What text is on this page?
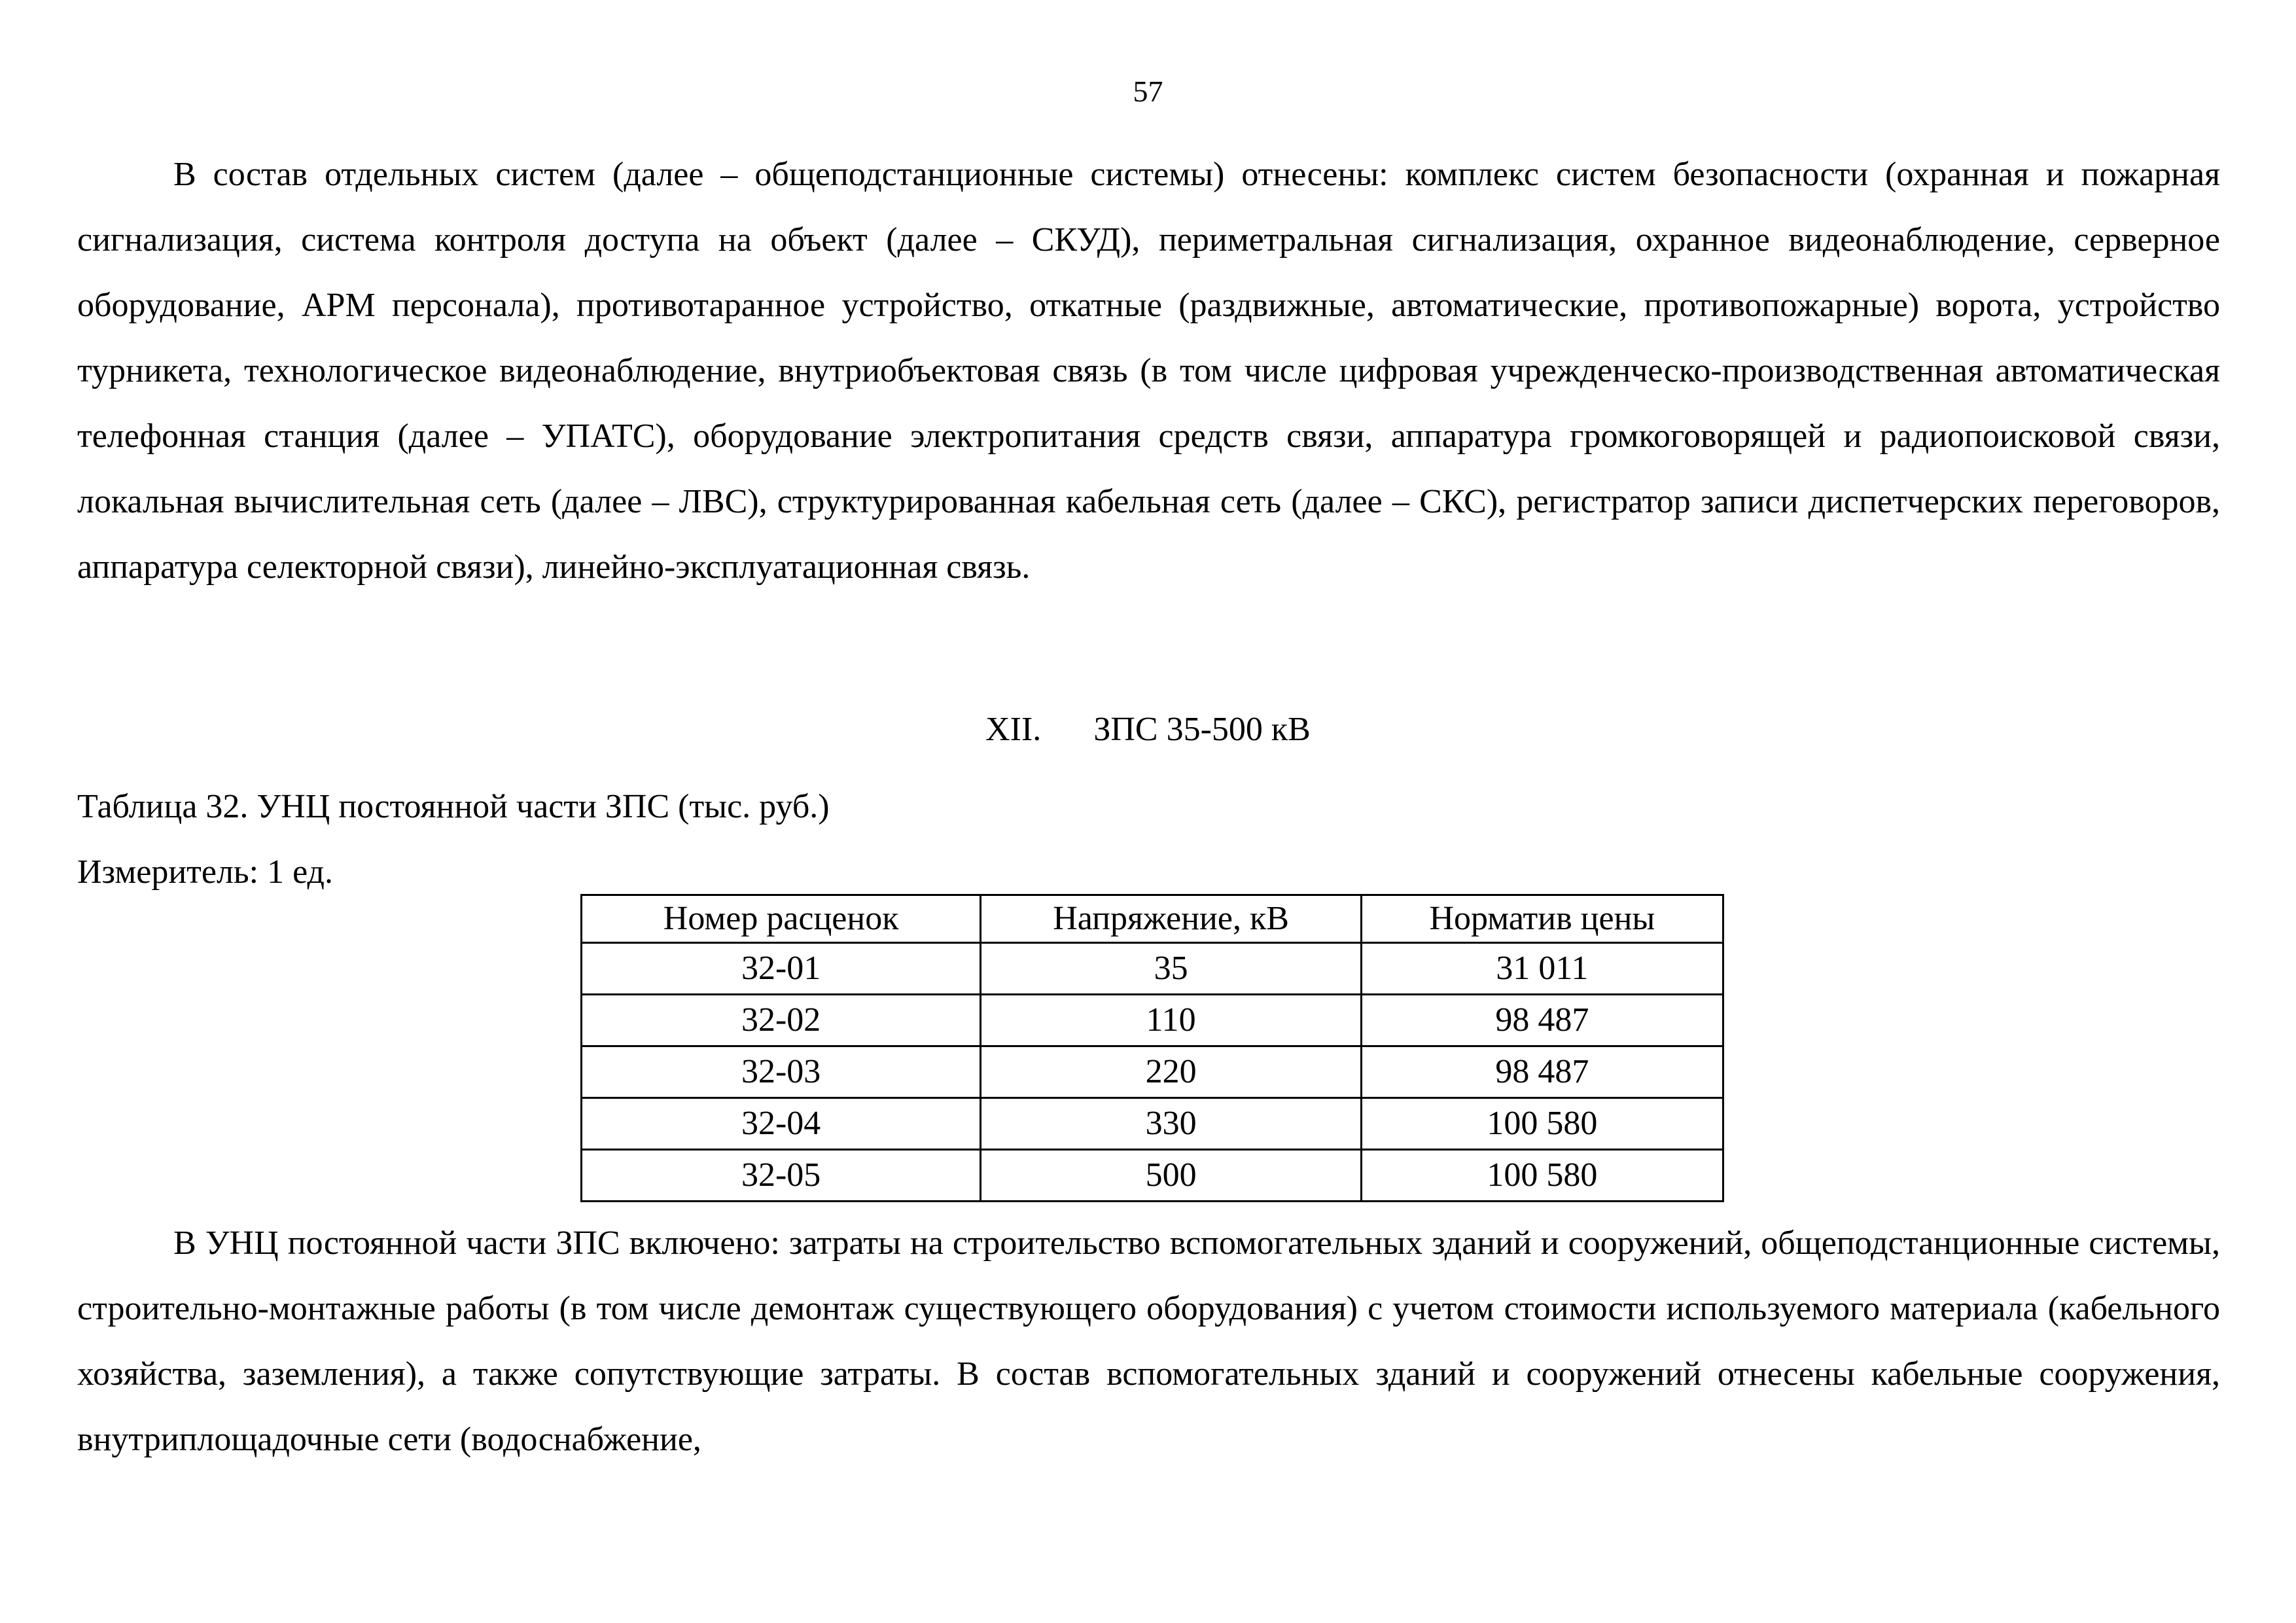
57

В состав отдельных систем (далее – общеподстанционные системы) отнесены: комплекс систем безопасности (охранная и пожарная сигнализация, система контроля доступа на объект (далее – СКУД), периметральная сигнализация, охранное видеонаблюдение, серверное оборудование, АРМ персонала), противотаранное устройство, откатные (раздвижные, автоматические, противопожарные) ворота, устройство турникета, технологическое видеонаблюдение, внутриобъектовая связь (в том числе цифровая учрежденческо-производственная автоматическая телефонная станция (далее – УПАТС), оборудование электропитания средств связи, аппаратура громкоговорящей и радиопоисковой связи, локальная вычислительная сеть (далее – ЛВС), структурированная кабельная сеть (далее – СКС), регистратор записи диспетчерских переговоров, аппаратура селекторной связи), линейно-эксплуатационная связь.

XII. ЗПС 35-500 кВ
Таблица 32. УНЦ постоянной части ЗПС (тыс. руб.)
Измеритель: 1 ед.
Номер расценок	Напряжение, кВ	Норматив цены
32-01	35	31 011
32-02	110	98 487
32-03	220	98 487
32-04	330	100 580
32-05	500	100 580

В УНЦ постоянной части ЗПС включено: затраты на строительство вспомогательных зданий и сооружений, общеподстанционные системы, строительно-монтажные работы (в том числе демонтаж существующего оборудования) с учетом стоимости используемого материала (кабельного хозяйства, заземления), а также сопутствующие затраты. В состав вспомогательных зданий и сооружений отнесены кабельные сооружения, внутриплощадочные сети (водоснабжение,
